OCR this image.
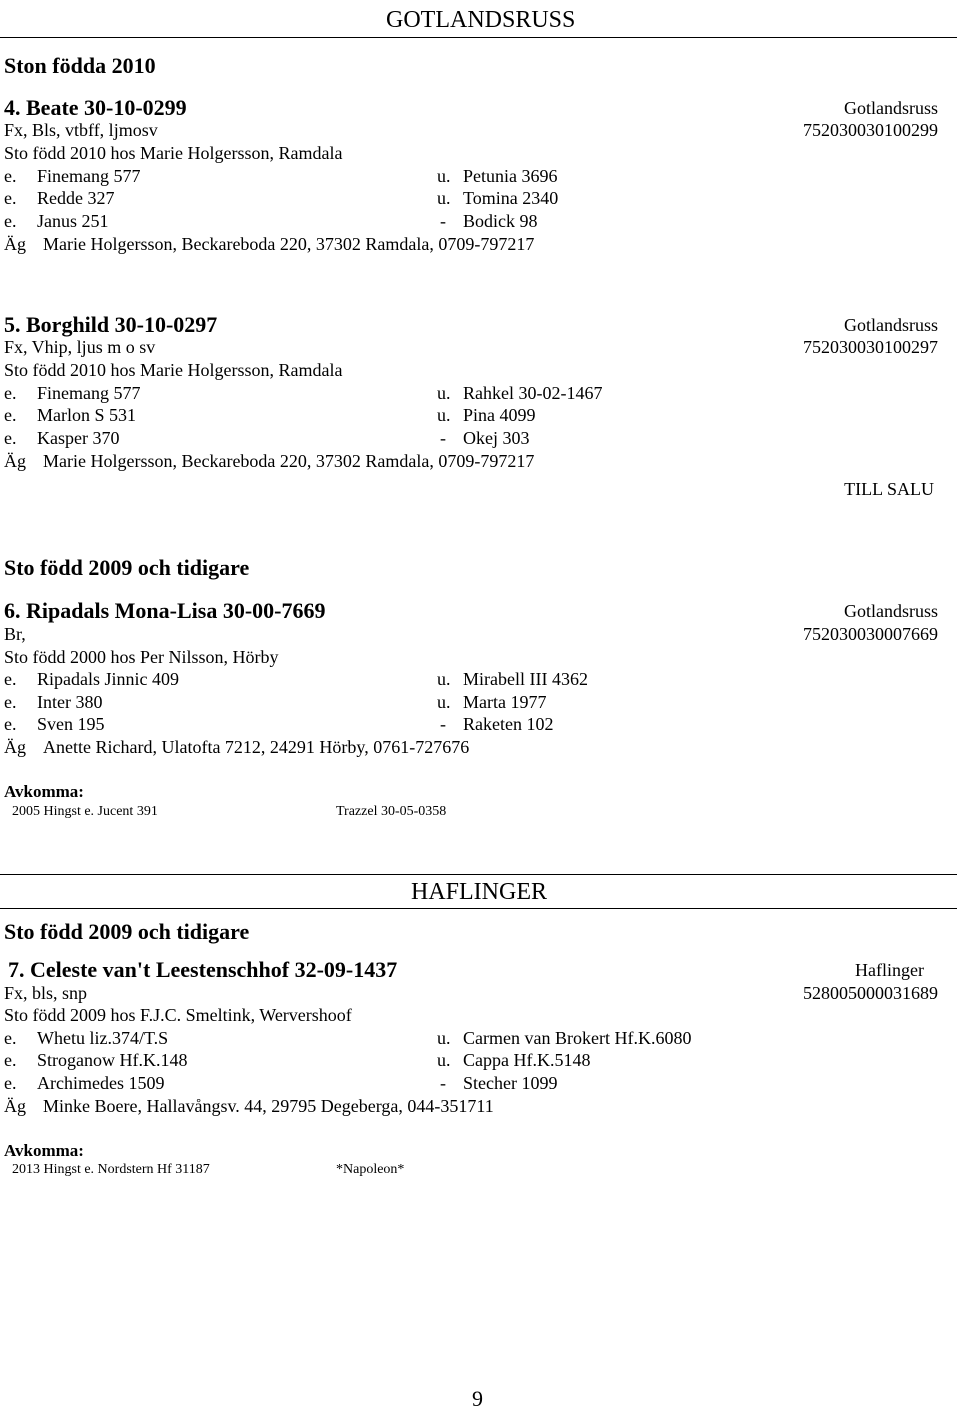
GOTLANDSRUSS
Ston födda 2010
4. Beate 30-10-0299	Gotlandsruss
Fx, Bls, vtbff, ljmosv	752030030100299
Sto född 2010 hos Marie Holgersson, Ramdala
e. Finemang 577	u. Petunia 3696
e. Redde 327	u. Tomina 2340
e. Janus 251	- Bodick 98
Äg Marie Holgersson, Beckareboda 220, 37302 Ramdala, 0709-797217
5. Borghild 30-10-0297	Gotlandsruss
Fx, Vhip, ljus m o sv	752030030100297
Sto född 2010 hos Marie Holgersson, Ramdala
e. Finemang 577	u. Rahkel 30-02-1467
e. Marlon S 531	u. Pina 4099
e. Kasper 370	- Okej 303
Äg Marie Holgersson, Beckareboda 220, 37302 Ramdala, 0709-797217
TILL SALU
Sto född 2009 och tidigare
6. Ripadals Mona-Lisa 30-00-7669	Gotlandsruss
Br,	752030030007669
Sto född 2000 hos Per Nilsson, Hörby
e. Ripadals Jinnic 409	u. Mirabell III 4362
e. Inter 380	u. Marta 1977
e. Sven 195	- Raketen 102
Äg Anette Richard, Ulatofta 7212, 24291 Hörby, 0761-727676
Avkomma:
2005 Hingst e. Jucent 391	Trazzel 30-05-0358
HAFLINGER
Sto född 2009 och tidigare
7. Celeste van't Leestenschhof 32-09-1437	Haflinger
Fx, bls, snp	528005000031689
Sto född 2009 hos F.J.C. Smeltink, Wervershoof
e. Whetu liz.374/T.S	u. Carmen van Brokert Hf.K.6080
e. Stroganow Hf.K.148	u. Cappa Hf.K.5148
e. Archimedes 1509	- Stecher 1099
Äg Minke Boere, Hallavångsv. 44, 29795 Degeberga, 044-351711
Avkomma:
2013 Hingst e. Nordstern Hf 31187	*Napoleon*
9
